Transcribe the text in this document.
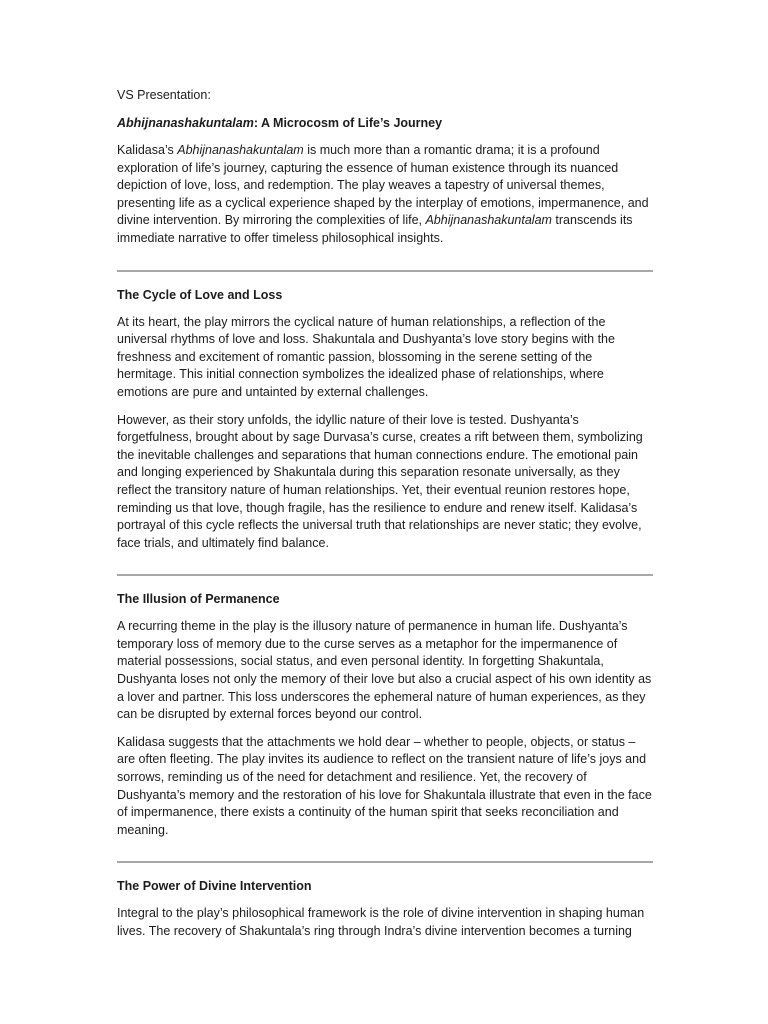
VS Presentation:
Abhijnanashakuntalam: A Microcosm of Life’s Journey

Kalidasa’s Abhijnanashakuntalam is much more than a romantic drama; it is a profound exploration of life’s journey, capturing the essence of human existence through its nuanced depiction of love, loss, and redemption. The play weaves a tapestry of universal themes, presenting life as a cyclical experience shaped by the interplay of emotions, impermanence, and divine intervention. By mirroring the complexities of life, Abhijnanashakuntalam transcends its immediate narrative to offer timeless philosophical insights.

The Cycle of Love and Loss

At its heart, the play mirrors the cyclical nature of human relationships, a reflection of the universal rhythms of love and loss. Shakuntala and Dushyanta’s love story begins with the freshness and excitement of romantic passion, blossoming in the serene setting of the hermitage. This initial connection symbolizes the idealized phase of relationships, where emotions are pure and untainted by external challenges.

However, as their story unfolds, the idyllic nature of their love is tested. Dushyanta’s forgetfulness, brought about by sage Durvasa’s curse, creates a rift between them, symbolizing the inevitable challenges and separations that human connections endure. The emotional pain and longing experienced by Shakuntala during this separation resonate universally, as they reflect the transitory nature of human relationships. Yet, their eventual reunion restores hope, reminding us that love, though fragile, has the resilience to endure and renew itself. Kalidasa’s portrayal of this cycle reflects the universal truth that relationships are never static; they evolve, face trials, and ultimately find balance.

The Illusion of Permanence

A recurring theme in the play is the illusory nature of permanence in human life. Dushyanta’s temporary loss of memory due to the curse serves as a metaphor for the impermanence of material possessions, social status, and even personal identity. In forgetting Shakuntala, Dushyanta loses not only the memory of their love but also a crucial aspect of his own identity as a lover and partner. This loss underscores the ephemeral nature of human experiences, as they can be disrupted by external forces beyond our control.

Kalidasa suggests that the attachments we hold dear – whether to people, objects, or status – are often fleeting. The play invites its audience to reflect on the transient nature of life’s joys and sorrows, reminding us of the need for detachment and resilience. Yet, the recovery of Dushyanta’s memory and the restoration of his love for Shakuntala illustrate that even in the face of impermanence, there exists a continuity of the human spirit that seeks reconciliation and meaning.

The Power of Divine Intervention

Integral to the play’s philosophical framework is the role of divine intervention in shaping human lives. The recovery of Shakuntala’s ring through Indra’s divine intervention becomes a turning
